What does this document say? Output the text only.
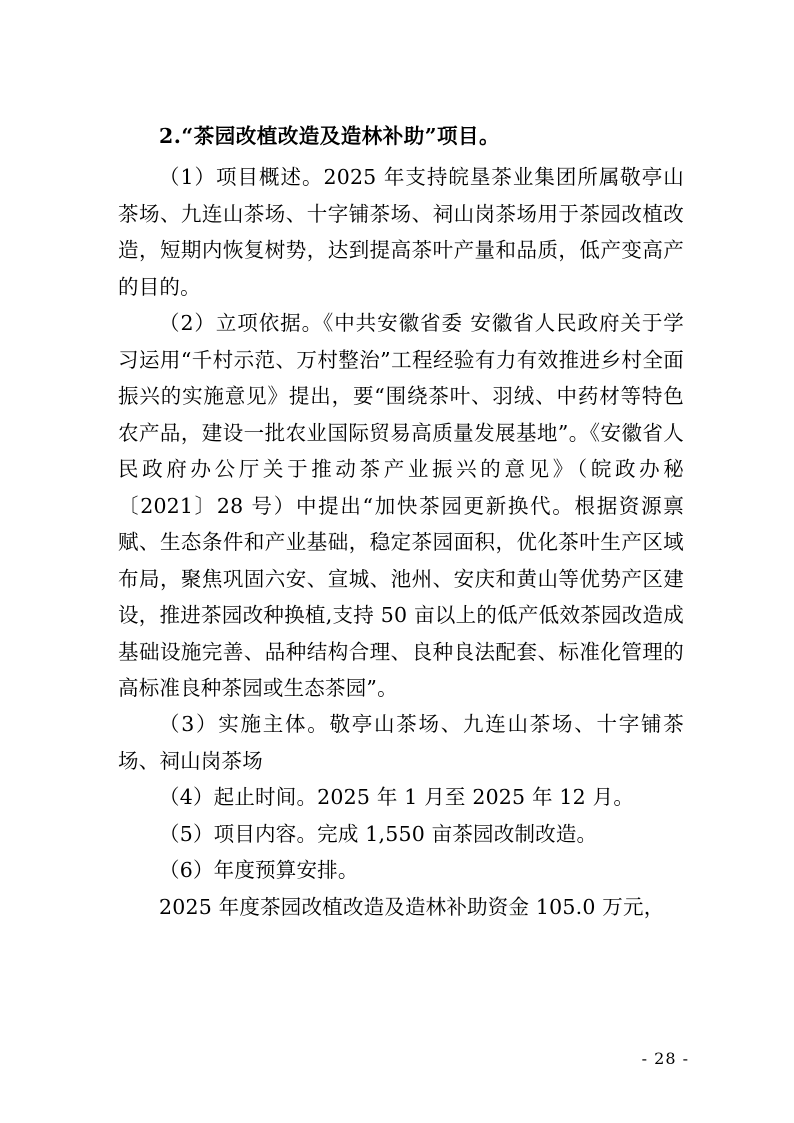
2.“茶园改植改造及造林补助”项目。

（1）项目概述。2025 年支持皖垦茶业集团所属敬亭山茶场、九连山茶场、十字铺茶场、祠山岗茶场用于茶园改植改造，短期内恢复树势，达到提高茶叶产量和品质，低产变高产的目的。

（2）立项依据。《中共安徽省委 安徽省人民政府关于学习运用“千村示范、万村整治”工程经验有力有效推进乡村全面振兴的实施意见》提出，要“围绕茶叶、羽绒、中药材等特色农产品，建设一批农业国际贸易高质量发展基地”。《安徽省人民政府办公厅关于推动茶产业振兴的意见》（皖政办秘〔2021〕28 号）中提出“加快茶园更新换代。根据资源禀赋、生态条件和产业基础，稳定茶园面积，优化茶叶生产区域布局，聚焦巩固六安、宣城、池州、安庆和黄山等优势产区建设，推进茶园改种换植,支持 50 亩以上的低产低效茶园改造成基础设施完善、品种结构合理、良种良法配套、标准化管理的高标准良种茶园或生态茶园”。

（3）实施主体。敬亭山茶场、九连山茶场、十字铺茶场、祠山岗茶场

（4）起止时间。2025 年 1 月至 2025 年 12 月。

（5）项目内容。完成 1,550 亩茶园改制改造。

（6）年度预算安排。

2025 年度茶园改植改造及造林补助资金 105.0 万元，

- 28 -
